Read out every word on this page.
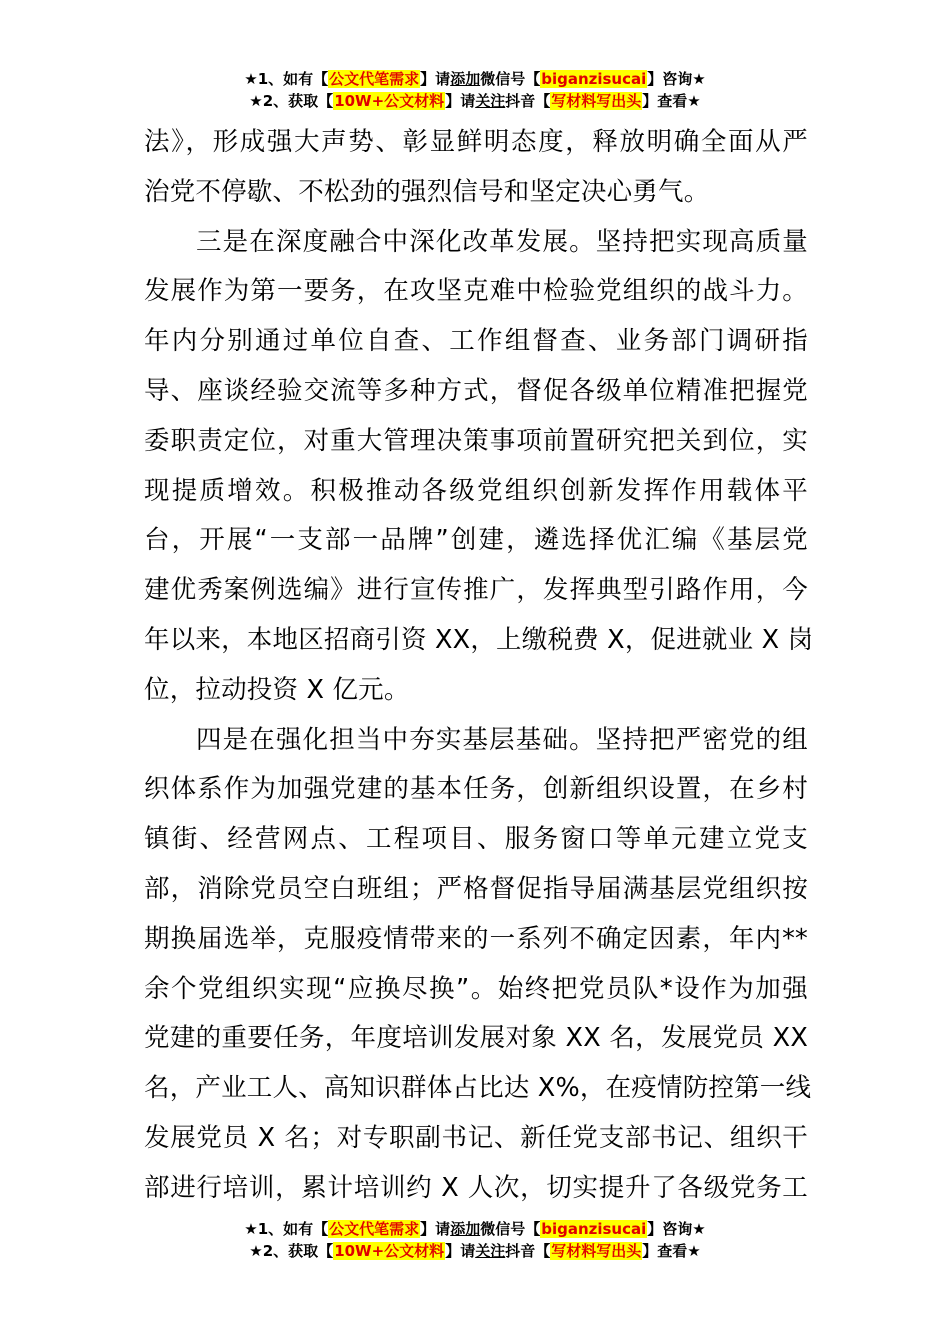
★1、如有【公文代笔需求】请添加微信号【biganzisucai】咨询★
★2、获取【10W+公文材料】请关注抖音【写材料写出头】查看★
法》，形成强大声势、彰显鲜明态度，释放明确全面从严
治党不停歇、不松劲的强烈信号和坚定决心勇气。
三是在深度融合中深化改革发展。坚持把实现高质量
发展作为第一要务，在攻坚克难中检验党组织的战斗力。
年内分别通过单位自查、工作组督查、业务部门调研指
导、座谈经验交流等多种方式，督促各级单位精准把握党
委职责定位，对重大管理决策事项前置研究把关到位，实
现提质增效。积极推动各级党组织创新发挥作用载体平
台，开展“一支部一品牌”创建，遴选择优汇编《基层党
建优秀案例选编》进行宣传推广，发挥典型引路作用，今
年以来，本地区招商引资 XX，上缴税费 X，促进就业 X 岗
位，拉动投资 X 亿元。
四是在强化担当中夯实基层基础。坚持把严密党的组
织体系作为加强党建的基本任务，创新组织设置，在乡村
镇街、经营网点、工程项目、服务窗口等单元建立党支
部，消除党员空白班组；严格督促指导届满基层党组织按
期换届选举，克服疫情带来的一系列不确定因素，年内**
余个党组织实现“应换尽换”。始终把党员队*设作为加强
党建的重要任务，年度培训发展对象 XX 名，发展党员 XX
名，产业工人、高知识群体占比达 X%，在疫情防控第一线
发展党员 X 名；对专职副书记、新任党支部书记、组织干
部进行培训，累计培训约 X 人次，切实提升了各级党务工
★1、如有【公文代笔需求】请添加微信号【biganzisucai】咨询★
★2、获取【10W+公文材料】请关注抖音【写材料写出头】查看★
